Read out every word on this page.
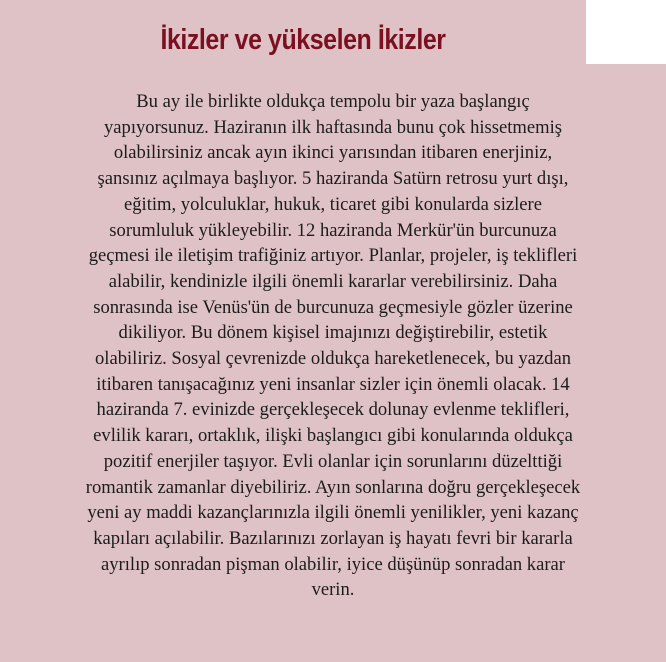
İkizler ve yükselen İkizler
Bu ay ile birlikte oldukça tempolu bir yaza başlangıç
yapıyorsunuz. Haziranın ilk haftasında bunu çok hissetmemiş
olabilirsiniz ancak ayın ikinci yarısından itibaren enerjiniz,
şansınız açılmaya başlıyor. 5 haziranda Satürn retrosu yurt dışı,
eğitim, yolculuklar, hukuk, ticaret gibi konularda sizlere
sorumluluk yükleyebilir. 12 haziranda Merkür'ün burcunuza
geçmesi ile iletişim trafiğiniz artıyor. Planlar, projeler, iş teklifleri
alabilir, kendinizle ilgili önemli kararlar verebilirsiniz. Daha
sonrasında ise Venüs'ün de burcunuza geçmesiyle gözler üzerine
dikiliyor. Bu dönem kişisel imajınızı değiştirebilir, estetik
olabiliriz. Sosyal çevrenizde oldukça hareketlenecek, bu yazdan
itibaren tanışacağınız yeni insanlar sizler için önemli olacak. 14
haziranda 7. evinizde gerçekleşecek dolunay evlenme teklifleri,
evlilik kararı, ortaklık, ilişki başlangıcı gibi konularında oldukça
pozitif enerjiler taşıyor. Evli olanlar için sorunlarını düzelttiği
romantik zamanlar diyebiliriz. Ayın sonlarına doğru gerçekleşecek
yeni ay maddi kazançlarınızla ilgili önemli yenilikler, yeni kazanç
kapıları açılabilir. Bazılarınızı zorlayan iş hayatı fevri bir kararla
ayrılıp sonradan pişman olabilir, iyice düşünüp sonradan karar
verin.
